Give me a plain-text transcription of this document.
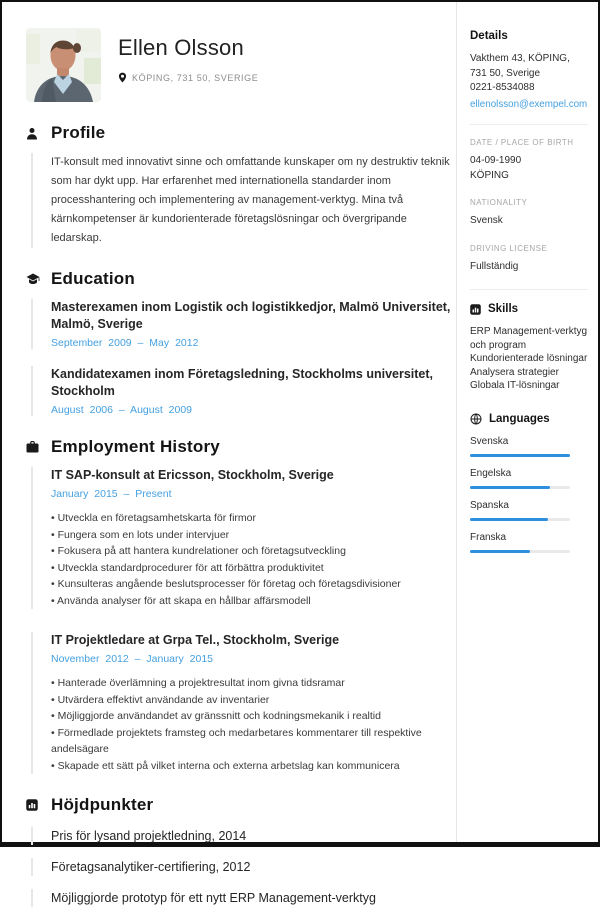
Ellen Olsson
KÖPING, 731 50, SVERIGE
Profile
IT-konsult med innovativt sinne och omfattande kunskaper om ny destruktiv teknik som har dykt upp. Har erfarenhet med internationella standarder inom processhantering och implementering av management-verktyg. Mina två kärnkompetenser är kundorienterade företagslösningar och övergripande ledarskap.
Education
Masterexamen inom Logistik och logistikkedjor, Malmö Universitet, Malmö, Sverige
September 2009 – May 2012
Kandidatexamen inom Företagsledning, Stockholms universitet, Stockholm
August 2006 – August 2009
Employment History
IT SAP-konsult at Ericsson, Stockholm, Sverige
January 2015 – Present
• Utveckla en företagsamhetskarta för firmor
• Fungera som en lots under intervjuer
• Fokusera på att hantera kundrelationer och företagsutveckling
• Utveckla standardprocedurer för att förbättra produktivitet
• Kunsulteras angående beslutsprocesser för företag och företagsdivisioner
• Använda analyser för att skapa en hållbar affärsmodell
IT Projektledare at Grpa Tel., Stockholm, Sverige
November 2012 – January 2015
• Hanterade överlämning a projektresultat inom givna tidsramar
• Utvärdera effektivt användande av inventarier
• Möjliggjorde användandet av gränssnitt och kodningsmekanik i realtid
• Förmedlade projektets framsteg och medarbetares kommentarer till respektive andelsägare
• Skapade ett sätt på vilket interna och externa arbetslag kan kommunicera
Höjdpunkter
Pris för lysand projektledning, 2014
Företagsanalytiker-certifiering, 2012
Möjliggjorde prototyp för ett nytt ERP Management-verktyg
Details
Vakthem 43, KÖPING,
731 50, Sverige
0221-8534088
ellenolsson@exempel.com
DATE / PLACE OF BIRTH
04-09-1990
KÖPING
NATIONALITY
Svensk
DRIVING LICENSE
Fullständig
Skills
ERP Management-verktyg och program
Kundorienterade lösningar
Analysera strategier
Globala IT-lösningar
Languages
Svenska
Engelska
Spanska
Franska
